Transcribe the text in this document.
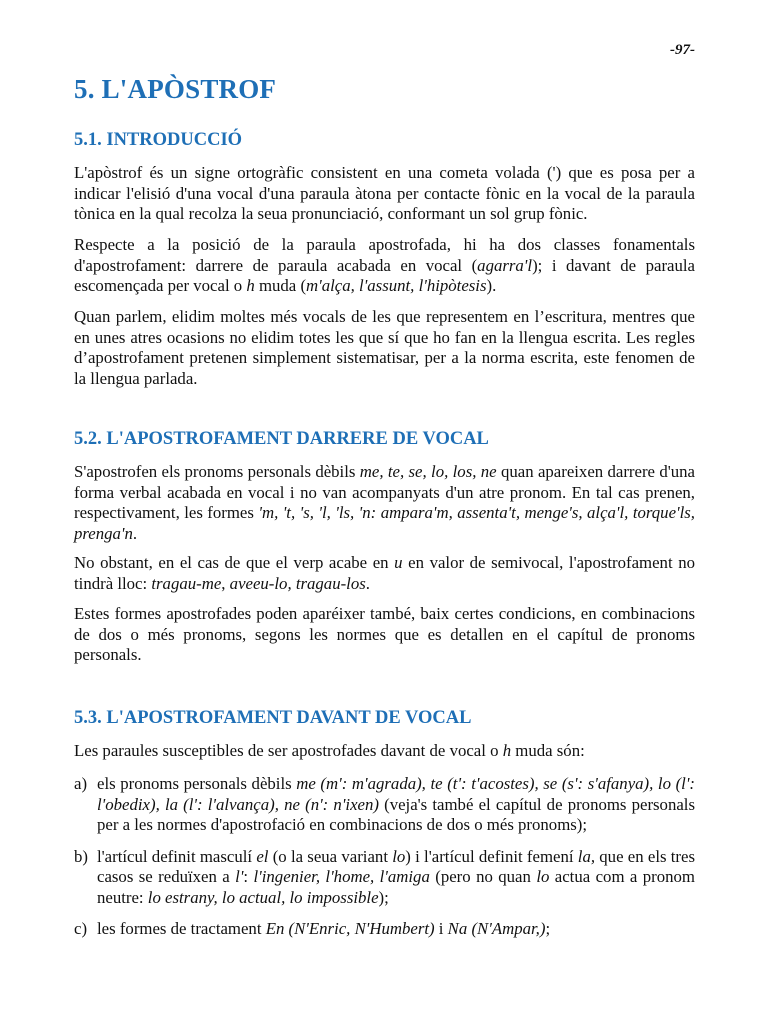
-97-
5. L'APÒSTROF
5.1. INTRODUCCIÓ

L'apòstrof és un signe ortogràfic consistent en una cometa volada (') que es posa per a indicar l'elisió d'una vocal d'una paraula àtona per contacte fònic en la vocal de la paraula tònica en la qual recolza la seua pronunciació, conformant un sol grup fònic.

Respecte a la posició de la paraula apostrofada, hi ha dos classes fonamentals d'apostrofament: darrere de paraula acabada en vocal (agarra'l); i davant de paraula escomençada per vocal o h muda (m'alça, l'assunt, l'hipòtesis).

Quan parlem, elidim moltes més vocals de les que representem en l’escritura, mentres que en unes atres ocasions no elidim totes les que sí que ho fan en la llengua escrita. Les regles d’apostrofament pretenen simplement sistematisar, per a la norma escrita, este fenomen de la llengua parlada.

5.2. L'APOSTROFAMENT DARRERE DE VOCAL

S'apostrofen els pronoms personals dèbils me, te, se, lo, los, ne quan apareixen darrere d'una forma verbal acabada en vocal i no van acompanyats d'un atre pronom. En tal cas prenen, respectivament, les formes 'm, 't, 's, 'l, 'ls, 'n: ampara'm, assenta't, menge's, alça'l, torque'ls, prenga'n.

No obstant, en el cas de que el verp acabe en u en valor de semivocal, l'apostrofament no tindrà lloc: tragau-me, aveeu-lo, tragau-los.

Estes formes apostrofades poden aparéixer també, baix certes condicions, en combinacions de dos o més pronoms, segons les normes que es detallen en el capítul de pronoms personals.

5.3. L'APOSTROFAMENT DAVANT DE VOCAL

Les paraules susceptibles de ser apostrofades davant de vocal o h muda són:

a) els pronoms personals dèbils me (m': m'agrada), te (t': t'acostes), se (s': s'afanya), lo (l': l'obedix), la (l': l'alvança), ne (n': n'ixen) (veja's també el capítul de pronoms personals per a les normes d'apostrofació en combinacions de dos o més pronoms);
b) l'artícul definit masculí el (o la seua variant lo) i l'artícul definit femení la, que en els tres casos se reduïxen a l': l'ingenier, l'home, l'amiga (pero no quan lo actua com a pronom neutre: lo estrany, lo actual, lo impossible);
c) les formes de tractament En (N'Enric, N'Humbert) i Na (N'Ampar,);
